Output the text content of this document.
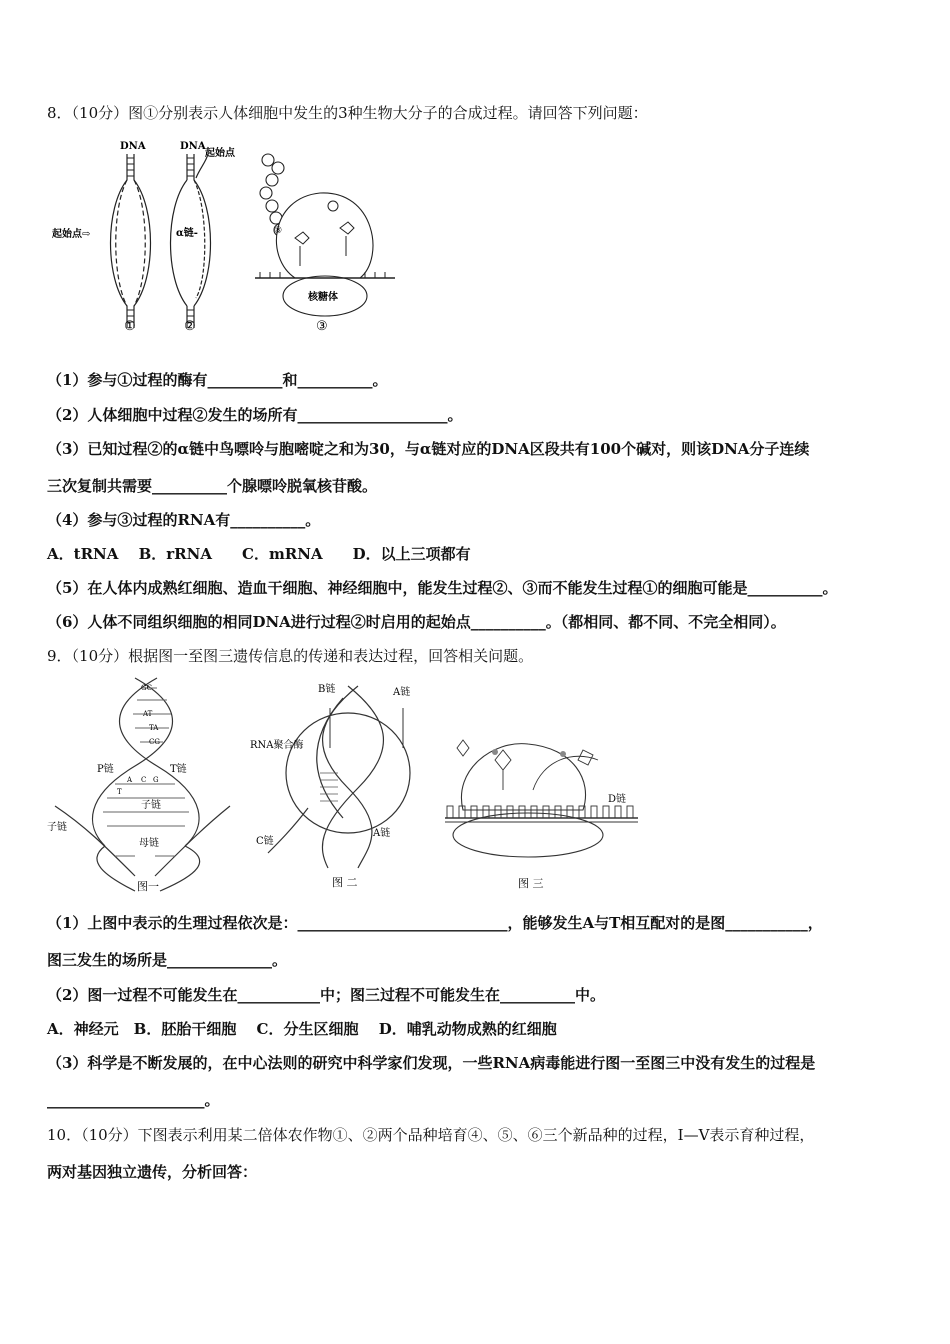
8．（10分）图①分别表示人体细胞中发生的3种生物大分子的合成过程。请回答下列问题：
DNA
起始点⇨
①
DNA
起始点
α链-
②
⑧
核糖体
③
（1）参与①过程的酶有__________和__________。
（2）人体细胞中过程②发生的场所有____________________。
（3）已知过程②的α链中鸟嘌呤与胞嘧啶之和为30，与α链对应的DNA区段共有100个碱对，则该DNA分子连续
三次复制共需要__________个腺嘌呤脱氧核苷酸。
（4）参与③过程的RNA有__________。
A．tRNA　 B．rRNA　　C．mRNA　　D．以上三项都有
（5）在人体内成熟红细胞、造血干细胞、神经细胞中，能发生过程②、③而不能发生过程①的细胞可能是__________。
（6）人体不同组织细胞的相同DNA进行过程②时启用的起始点__________。（都相同、都不同、不完全相同）。
9．（10分）根据图一至图三遗传信息的传递和表达过程，回答相关问题。
GC
AT
TA
CG
A C G
T
P链	T链
子链
子链
母链
图一
B链	A链
RNA聚合酶
A链
C链
图 二
D链
图 三
（1）上图中表示的生理过程依次是：____________________________，能够发生A与T相互配对的是图___________，
图三发生的场所是______________。
（2）图一过程不可能发生在___________中；图三过程不可能发生在__________中。
A．神经元　B．胚胎干细胞　 C．分生区细胞　 D．哺乳动物成熟的红细胞
（3）科学是不断发展的，在中心法则的研究中科学家们发现，一些RNA病毒能进行图一至图三中没有发生的过程是
_____________________。
10．（10分）下图表示利用某二倍体农作物①、②两个品种培育④、⑤、⑥三个新品种的过程，Ⅰ—Ⅴ表示育种过程，
两对基因独立遗传，分析回答：
